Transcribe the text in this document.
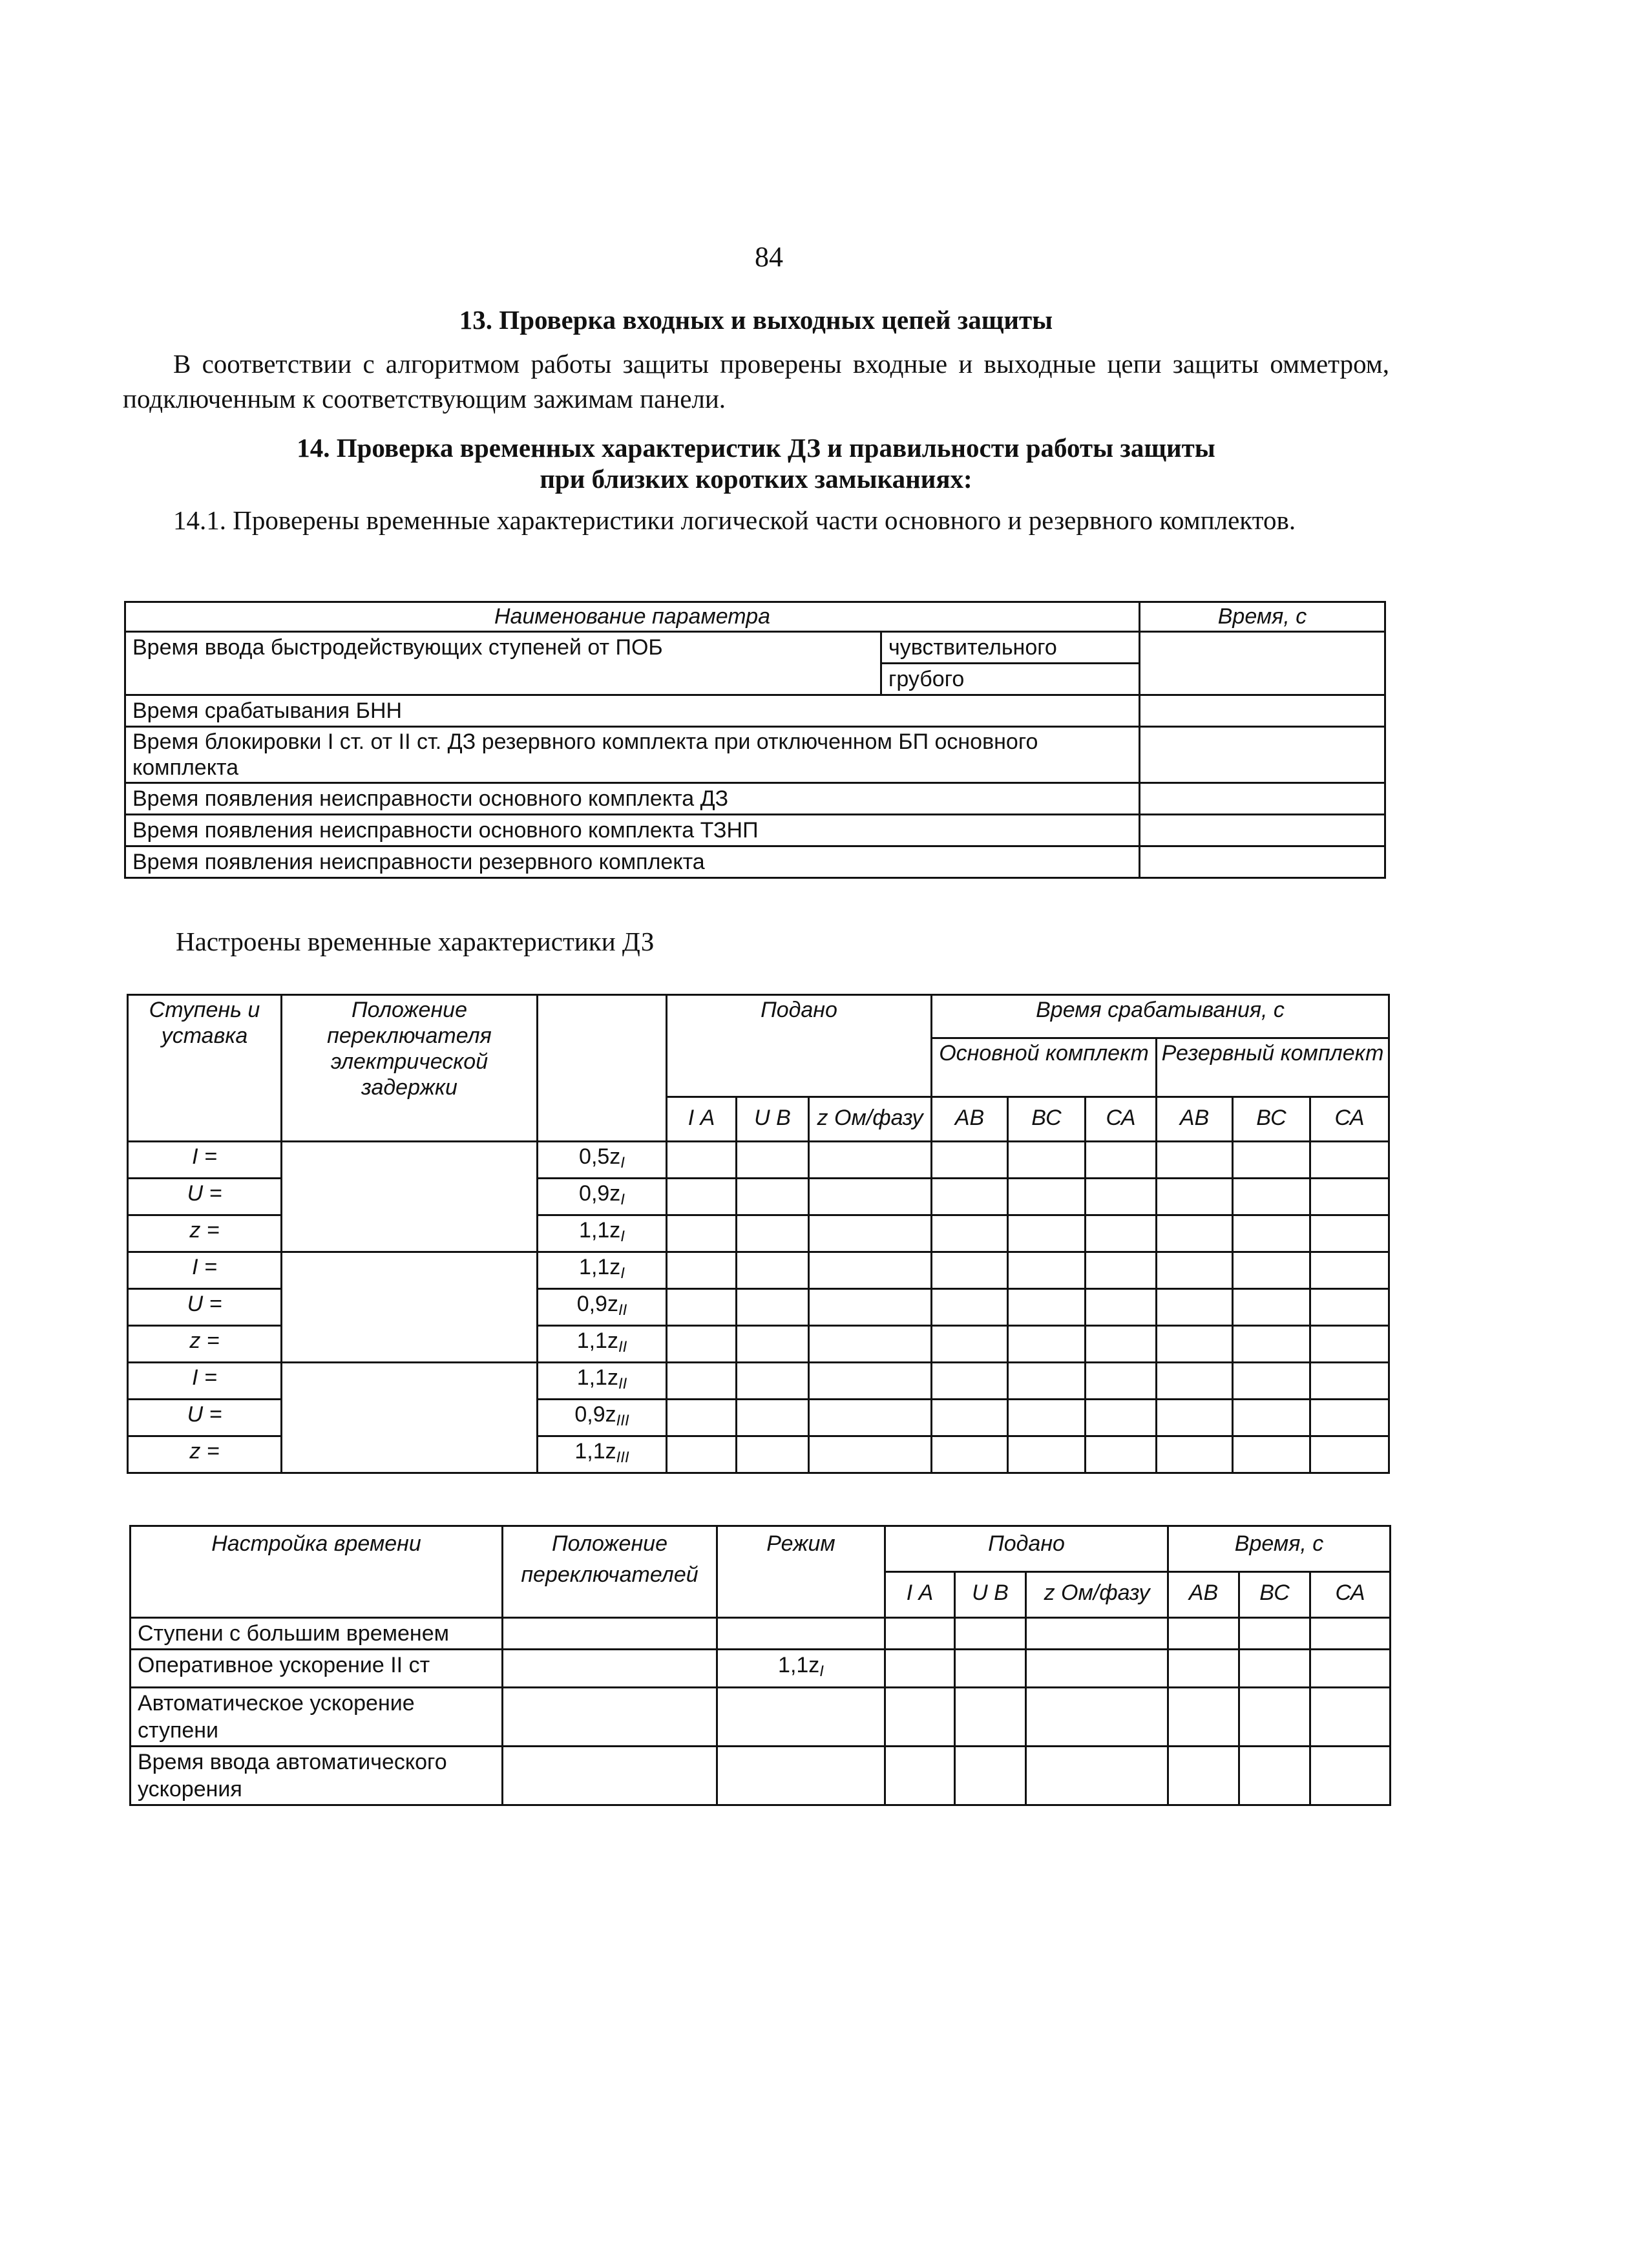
84
13. Проверка входных и выходных цепей защиты
В соответствии с алгоритмом работы защиты проверены входные и выходные цепи защиты омметром, подключенным к соответствующим зажимам панели.
14. Проверка временных характеристик ДЗ и правильности работы защиты
при близких коротких замыканиях:
14.1. Проверены временные характеристики логической части основного и резервного комплектов.
Наименование параметра		Время, с
Время ввода быстродействующих ступеней от ПОБ	чувствительного	
	грубого	
Время срабатывания БНН		
Время блокировки I ст. от II ст. ДЗ резервного комплекта при отключенном БП основного комплекта		
Время появления неисправности основного комплекта ДЗ		
Время появления неисправности основного комплекта ТЗНП		
Время появления неисправности резервного комплекта		
Настроены временные характеристики ДЗ
Ступень и уставка	Положение переключателя электрической задержки		Подано			Время срабатывания, с					
						Основной комплект			Резервный комплект		
			I А	U В	z Ом/фазу	АВ	ВС	СА	АВ	ВС	СА
I =		$0,5z_I$									
U =		$0,9z_I$									
z =		$1,1z_I$									
I =		$1,1z_I$									
U =		$0,9z_{II}$									
z =		$1,1z_{II}$									
I =		$1,1z_{II}$									
U =		$0,9z_{III}$									
z =		$1,1z_{III}$									
Настройка времени	Положение переключателей	Режим	Подано			Время, с		
			I А	U В	z Ом/фазу	АВ	ВС	СА
Ступени с большим временем								
Оперативное ускорение II ст		$1,1z_I$						
Автоматическое ускорение ступени								
Время ввода автоматического ускорения								
